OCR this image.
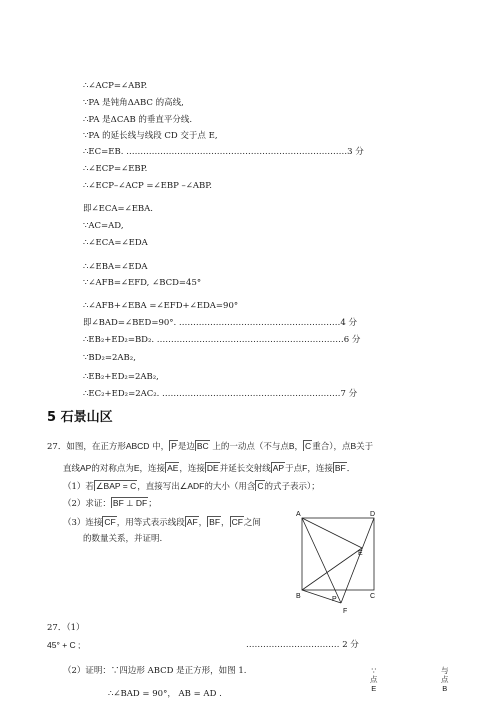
∴∠ACP=∠ABP.
∵PA 是钝角ΔABC 的高线,
∴PA 是ΔCAB 的垂直平分线.
∵PA 的延长线与线段 CD 交于点 E,
∴EC=EB. ……………………………………………………………………3 分
∴∠ECP=∠EBP.
∴∠ECP–∠ACP =∠EBP –∠ABP.
即∠ECA=∠EBA.
∵AC=AD,
∴∠ECA=∠EDA
∴∠EBA=∠EDA
∵∠AFB=∠EFD, ∠BCD=45°
∴∠AFB+∠EBA =∠EFD+∠EDA=90°
即∠BAD=∠BED=90°. …………………………………………………4 分
∴EB₂+ED₂=BD₂. …………………………………………………………6 分
∵BD₂=2AB₂,
∴EB₂+ED₂=2AB₂,
∴EC₂+ED₂=2AC₂. ………………………………………………………7 分
5 石景山区
27．如图，在正方形ABCD 中， P是边 BC 上的一动点（不与点B， C重合），点B关于
直线AP的对称点为E，连接 AE，连接 DE并延长交射线 AP于点F，连接 BF．
（1）若 ∠BAP = C，直接写出∠ADF的大小（用含 C的式子表示）；
（2）求证： BF ⊥ DF；
（3）连接 CF，用等式表示线段 AF， BF， CF之间
的数量关系，并证明.
A	D
E
B	C
P
F
27．（1）
45° + C ;	…………………………… 2 分
（2）证明：∵四边形 ABCD 是正方形，如图 1.
∴∠BAD = 90°， AB = AD .
∵
点
E
与
点
B
